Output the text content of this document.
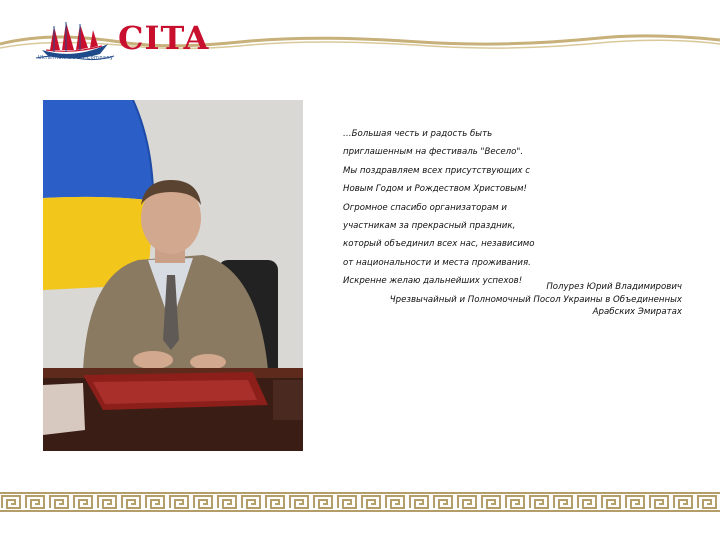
CITA
Ukrainian Travel Company

…Большая честь и радость быть

приглашенным на фестиваль "Весело".

Мы поздравляем всех присутствующих с

Новым Годом и Рождеством Христовым!

Огромное спасибо организаторам и

участникам за прекрасный праздник,

который объединил всех нас, независимо

от национальности и места проживания.

Искренне желаю дальнейших успехов!

Полурез Юрий Владимирович

Чрезвычайный и Полномочный Посол Украины в Объединенных

Арабских Эмиратах
